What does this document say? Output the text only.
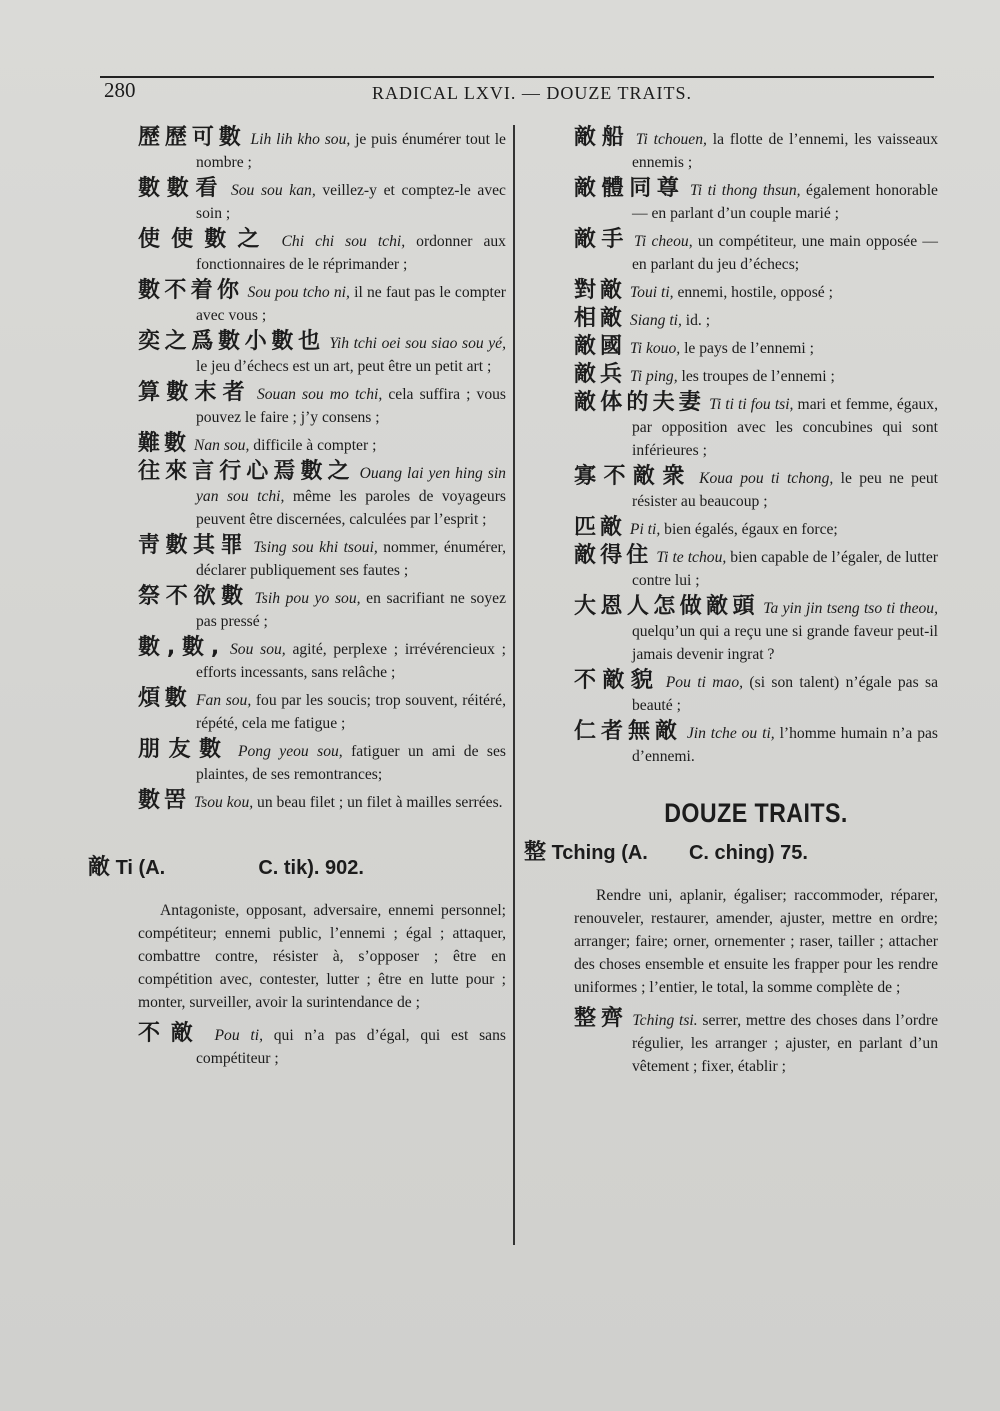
280	RADICAL LXVI. — DOUZE TRAITS.

歷歷可數 Lih lih kho sou, je puis énumérer tout le nombre ;

數數看 Sou sou kan, veillez-y et comptez-le avec soin ;

使使數之 Chi chi sou tchi, ordonner aux fonctionnaires de le réprimander ;

數不着你 Sou pou tcho ni, il ne faut pas le compter avec vous ;

奕之爲數小數也 Yih tchi oei sou siao sou yé, le jeu d’échecs est un art, peut être un petit art ;

算數末者 Souan sou mo tchi, cela suffira ; vous pouvez le faire ; j’y consens ;

難數 Nan sou, difficile à compter ;

往來言行心焉數之 Ouang lai yen hing sin yan sou tchi, même les paroles de voyageurs peuvent être discernées, calculées par l’esprit ;

靑數其罪 Tsing sou khi tsoui, nommer, énumérer, déclarer publiquement ses fautes ;

祭不欲數 Tsih pou yo sou, en sacrifiant ne soyez pas pressé ;

數,數, Sou sou, agité, perplexe ; irrévérencieux ; efforts incessants, sans relâche ;

煩數 Fan sou, fou par les soucis; trop souvent, réitéré, répété, cela me fatigue ;

朋友數 Pong yeou sou, fatiguer un ami de ses plaintes, de ses remontrances;

數罟 Tsou kou, un beau filet ; un filet à mailles serrées.

敵 Ti (A.	C. tik). 902.

Antagoniste, opposant, adversaire, ennemi personnel; compétiteur; ennemi public, l’ennemi ; égal ; attaquer, combattre contre, résister à, s’opposer ; être en compétition avec, contester, lutter ; être en lutte pour ; monter, surveiller, avoir la surintendance de ;

不敵 Pou ti, qui n’a pas d’égal, qui est sans compétiteur ;

敵船 Ti tchouen, la flotte de l’ennemi, les vaisseaux ennemis ;

敵體同尊 Ti ti thong thsun, également honorable — en parlant d’un couple marié ;

敵手 Ti cheou, un compétiteur, une main opposée — en parlant du jeu d’échecs;

對敵 Toui ti, ennemi, hostile, opposé ;

相敵 Siang ti, id. ;

敵國 Ti kouo, le pays de l’ennemi ;

敵兵 Ti ping, les troupes de l’ennemi ;

敵体的夫妻 Ti ti ti fou tsi, mari et femme, égaux, par opposition avec les concubines qui sont inférieures ;

寡不敵衆 Koua pou ti tchong, le peu ne peut résister au beaucoup ;

匹敵 Pi ti, bien égalés, égaux en force;

敵得住 Ti te tchou, bien capable de l’égaler, de lutter contre lui ;

大恩人怎做敵頭 Ta yin jin tseng tso ti theou, quelqu’un qui a reçu une si grande faveur peut-il jamais devenir ingrat ?

不敵貌 Pou ti mao, (si son talent) n’égale pas sa beauté ;

仁者無敵 Jin tche ou ti, l’homme humain n’a pas d’ennemi.

DOUZE TRAITS.
整 Tching (A. C. ching) 75.

Rendre uni, aplanir, égaliser; raccommoder, réparer, renouveler, restaurer, amender, ajuster, mettre en ordre; arranger; faire; orner, ornementer ; raser, tailler ; attacher des choses ensemble et ensuite les frapper pour les rendre uniformes ; l’entier, le total, la somme complète de ;

整齊 Tching tsi. serrer, mettre des choses dans l’ordre régulier, les arranger ; ajuster, en parlant d’un vêtement ; fixer, établir ;
